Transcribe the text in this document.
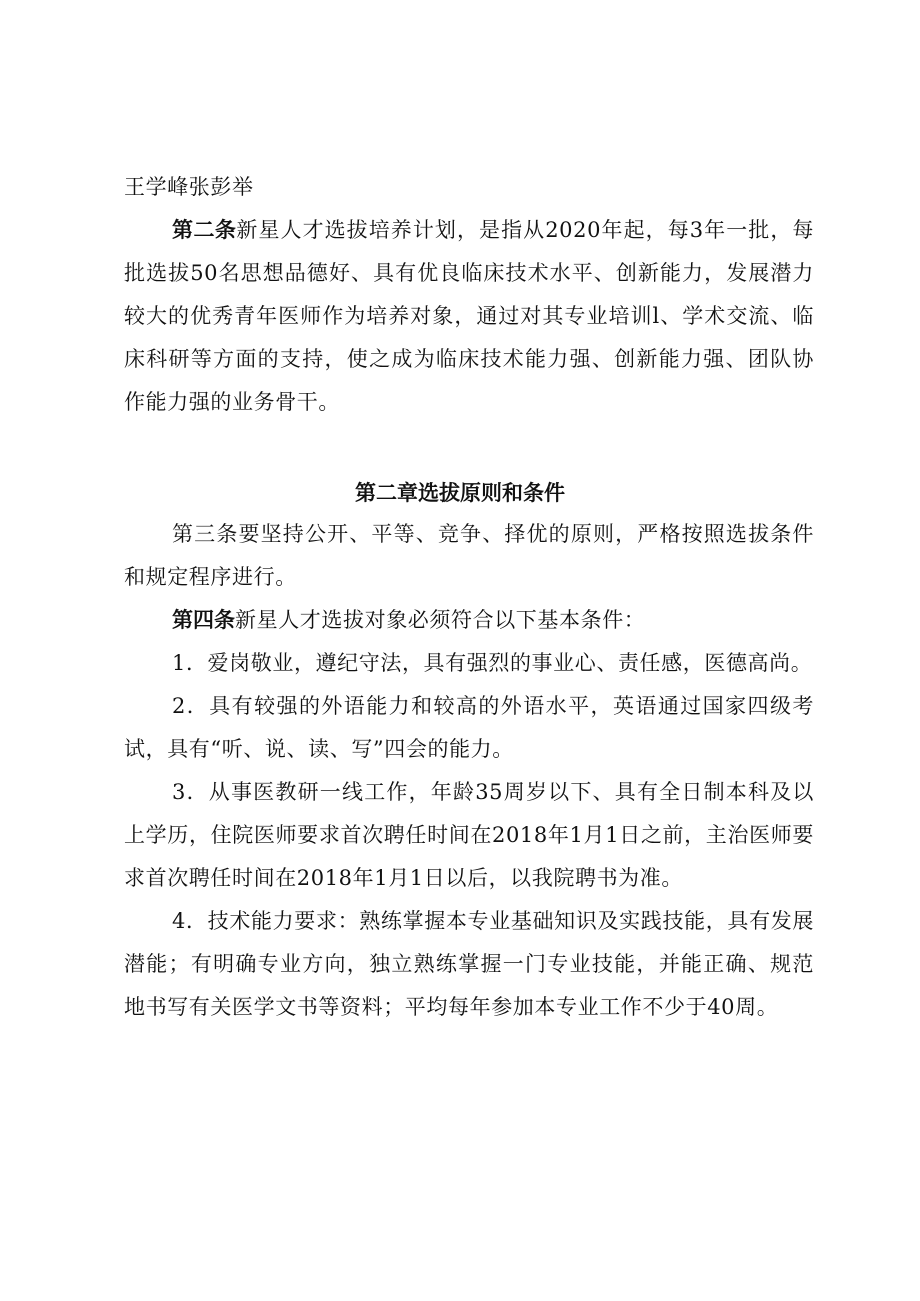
王学峰张彭举

第二条新星人才选拔培养计划，是指从2020年起，每3年一批，每批选拔50名思想品德好、具有优良临床技术水平、创新能力，发展潜力较大的优秀青年医师作为培养对象，通过对其专业培训l、学术交流、临床科研等方面的支持，使之成为临床技术能力强、创新能力强、团队协作能力强的业务骨干。

第二章选拔原则和条件

第三条要坚持公开、平等、竞争、择优的原则，严格按照选拔条件和规定程序进行。

第四条新星人才选拔对象必须符合以下基本条件：

1．爱岗敬业，遵纪守法，具有强烈的事业心、责任感，医德高尚。

2．具有较强的外语能力和较高的外语水平，英语通过国家四级考试，具有“听、说、读、写”四会的能力。

3．从事医教研一线工作，年龄35周岁以下、具有全日制本科及以上学历，住院医师要求首次聘任时间在2018年1月1日之前，主治医师要求首次聘任时间在2018年1月1日以后，以我院聘书为准。

4．技术能力要求：熟练掌握本专业基础知识及实践技能，具有发展潜能；有明确专业方向，独立熟练掌握一门专业技能，并能正确、规范地书写有关医学文书等资料；平均每年参加本专业工作不少于40周。
